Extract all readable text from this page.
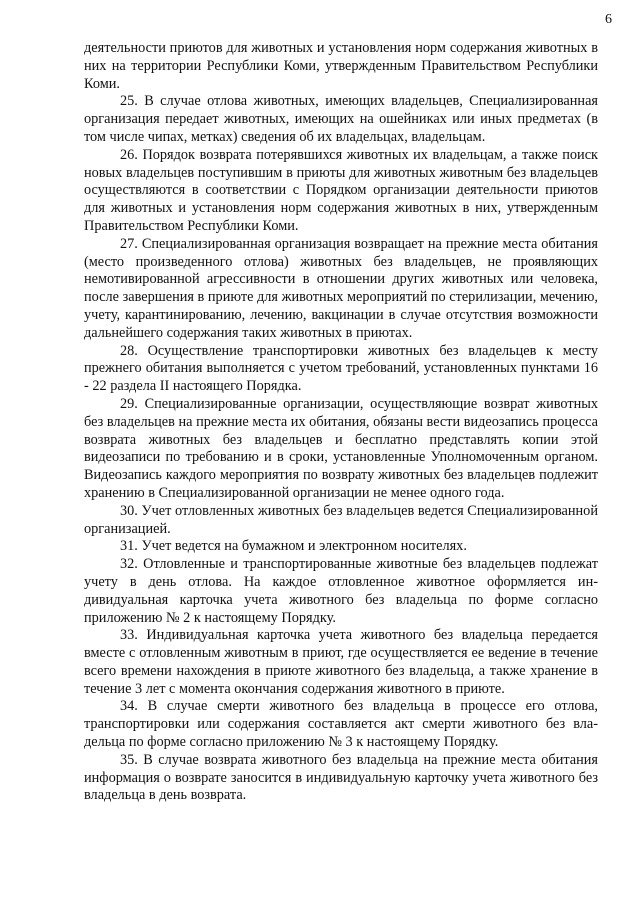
6

деятельности приютов для животных и установления норм содержания животных в них на территории Республики Коми, утвержденным Правительством Республики Коми.

25. В случае отлова животных, имеющих владельцев, Специализированная организация передает животных, имеющих на ошейниках или иных предметах (в том числе чипах, метках) сведения об их владельцах, владельцам.

26. Порядок возврата потерявшихся животных их владельцам, а также поиск новых владельцев поступившим в приюты для животных животным без владельцев осуществляются в соответствии с Порядком организации деятельности приютов для животных и установления норм содержания животных в них, утвержденным Правительством Республики Коми.

27. Специализированная организация возвращает на прежние места обитания (место произведенного отлова) животных без владельцев, не проявляющих немотивированной агрессивности в отношении других животных или человека, после завершения в приюте для животных мероприятий по стерилизации, мечению, учету, карантинированию, лечению, вакцинации в случае отсутствия возможности дальнейшего содержания таких животных в приютах.

28. Осуществление транспортировки животных без владельцев к месту прежнего обитания выполняется с учетом требований, установленных пунктами 16 - 22 раздела II настоящего Порядка.

29. Специализированные организации, осуществляющие возврат животных без владельцев на прежние места их обитания, обязаны вести видеозапись процесса возврата животных без владельцев и бесплатно представлять копии этой видеозаписи по требованию и в сроки, установленные Уполномоченным органом. Видеозапись каждого мероприятия по возврату животных без владельцев подлежит хранению в Специализированной организации не менее одного года.

30. Учет отловленных животных без владельцев ведется Специализированной организацией.

31. Учет ведется на бумажном и электронном носителях.

32. Отловленные и транспортированные животные без владельцев подлежат учету в день отлова. На каждое отловленное животное оформляется индивидуальная карточка учета животного без владельца по форме согласно приложению № 2 к настоящему Порядку.

33. Индивидуальная карточка учета животного без владельца передается вместе с отловленным животным в приют, где осуществляется ее ведение в течение всего времени нахождения в приюте животного без владельца, а также хранение в течение 3 лет с момента окончания содержания животного в приюте.

34. В случае смерти животного без владельца в процессе его отлова, транспортировки или содержания составляется акт смерти животного без владельца по форме согласно приложению № 3 к настоящему Порядку.

35. В случае возврата животного без владельца на прежние места обитания информация о возврате заносится в индивидуальную карточку учета животного без владельца в день возврата.
